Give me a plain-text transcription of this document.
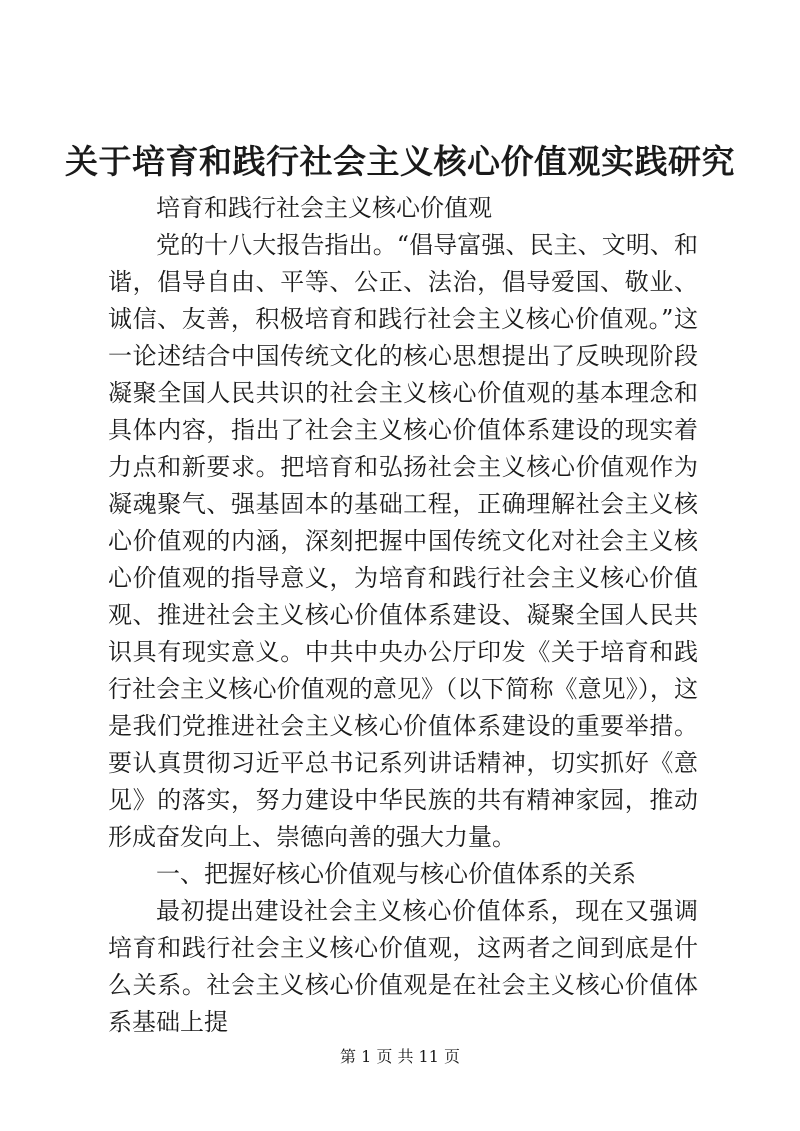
关于培育和践行社会主义核心价值观实践研究

培育和践行社会主义核心价值观

党的十八大报告指出。“倡导富强、民主、文明、和谐，倡导自由、平等、公正、法治，倡导爱国、敬业、诚信、友善，积极培育和践行社会主义核心价值观。”这一论述结合中国传统文化的核心思想提出了反映现阶段凝聚全国人民共识的社会主义核心价值观的基本理念和具体内容，指出了社会主义核心价值体系建设的现实着力点和新要求。把培育和弘扬社会主义核心价值观作为凝魂聚气、强基固本的基础工程，正确理解社会主义核心价值观的内涵，深刻把握中国传统文化对社会主义核心价值观的指导意义，为培育和践行社会主义核心价值观、推进社会主义核心价值体系建设、凝聚全国人民共识具有现实意义。中共中央办公厅印发《关于培育和践行社会主义核心价值观的意见》（以下简称《意见》），这是我们党推进社会主义核心价值体系建设的重要举措。要认真贯彻习近平总书记系列讲话精神，切实抓好《意见》的落实，努力建设中华民族的共有精神家园，推动形成奋发向上、崇德向善的强大力量。

一、把握好核心价值观与核心价值体系的关系

最初提出建设社会主义核心价值体系，现在又强调培育和践行社会主义核心价值观，这两者之间到底是什么关系。社会主义核心价值观是在社会主义核心价值体系基础上提

第 1 页 共 11 页
